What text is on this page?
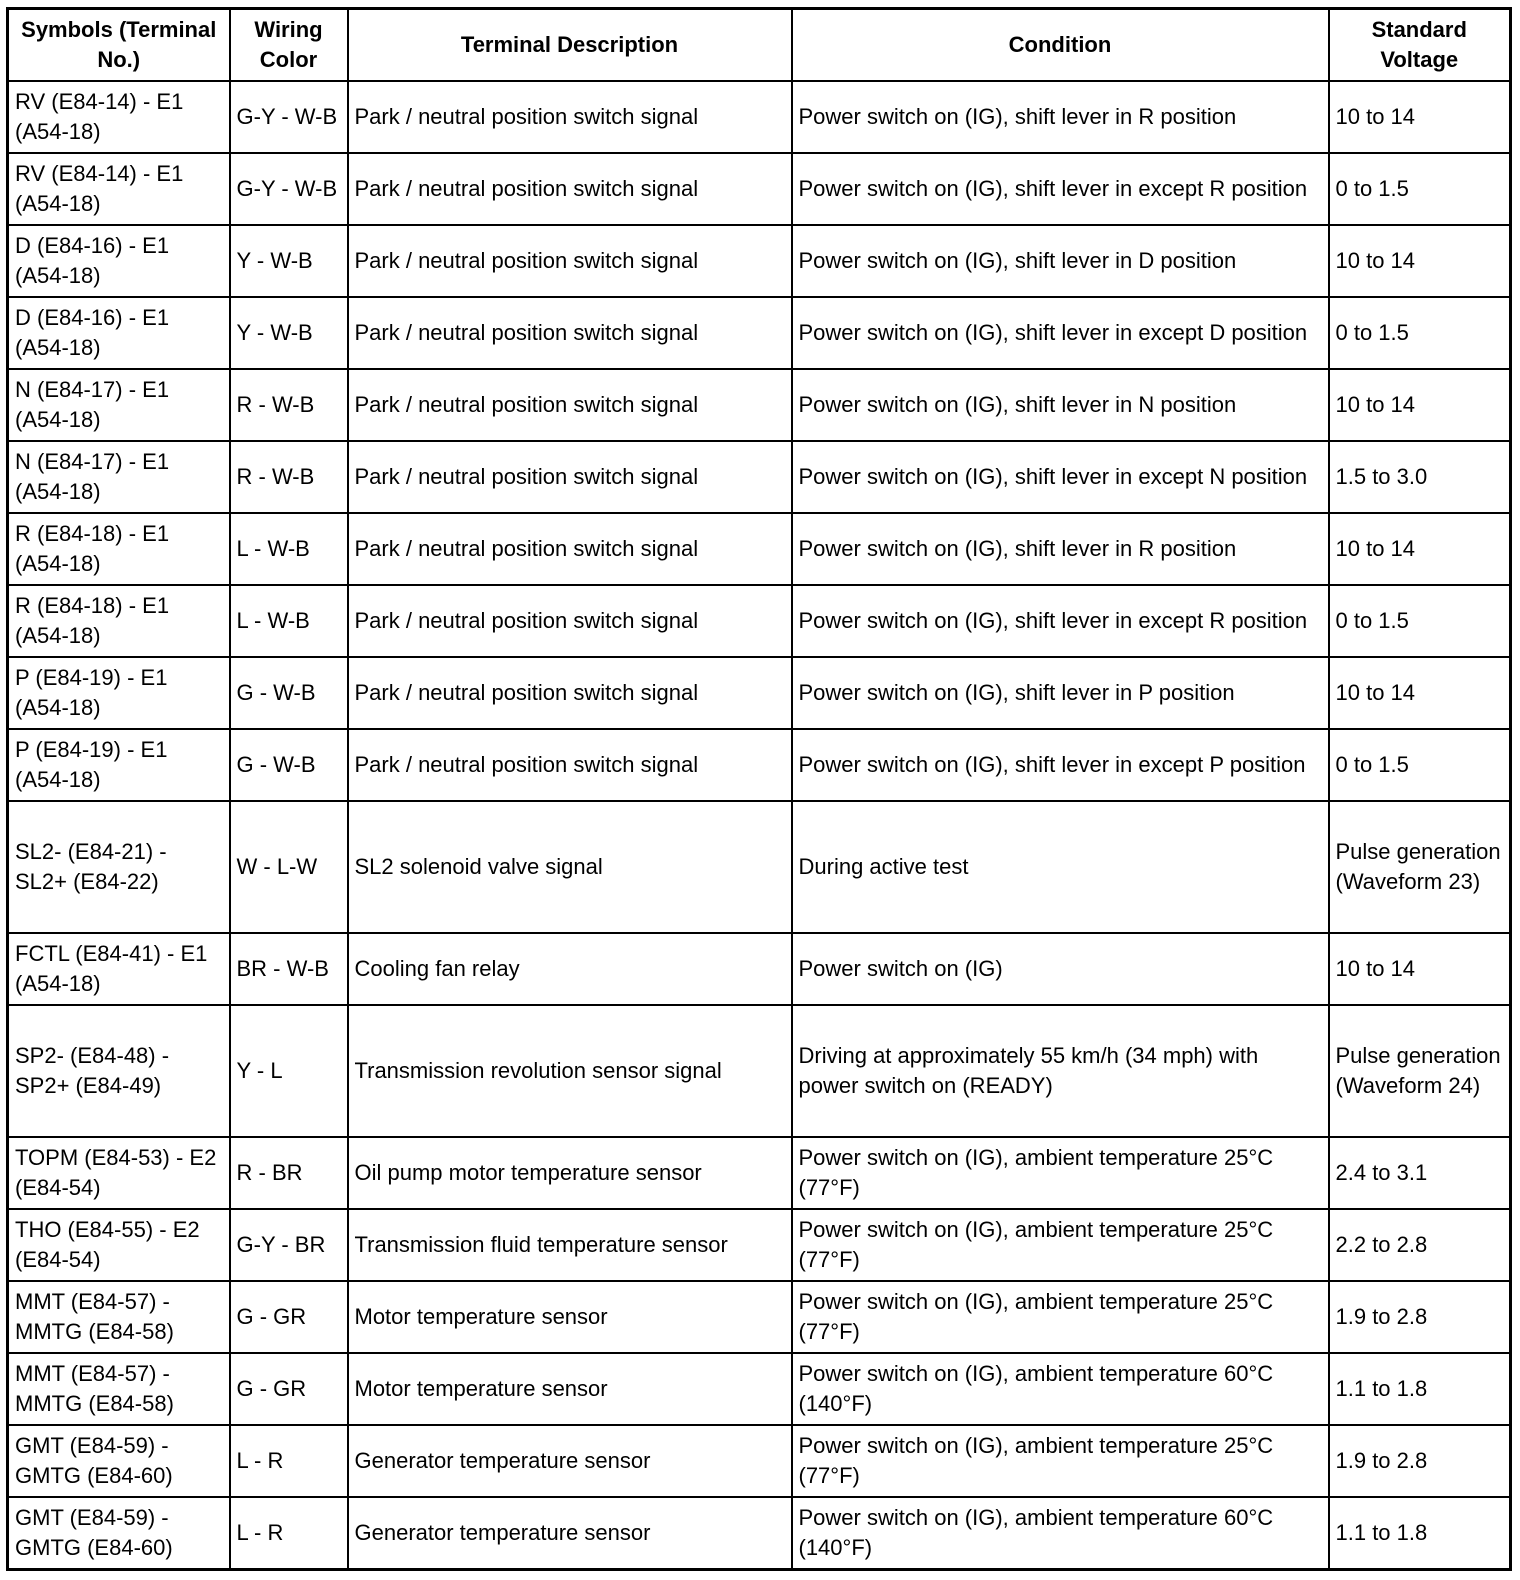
Symbols (Terminal No.)	Wiring Color	Terminal Description	Condition	Standard Voltage
RV (E84-14) - E1 (A54-18)	G-Y - W-B	Park / neutral position switch signal	Power switch on (IG), shift lever in R position	10 to 14
RV (E84-14) - E1 (A54-18)	G-Y - W-B	Park / neutral position switch signal	Power switch on (IG), shift lever in except R position	0 to 1.5
D (E84-16) - E1 (A54-18)	Y - W-B	Park / neutral position switch signal	Power switch on (IG), shift lever in D position	10 to 14
D (E84-16) - E1 (A54-18)	Y - W-B	Park / neutral position switch signal	Power switch on (IG), shift lever in except D position	0 to 1.5
N (E84-17) - E1 (A54-18)	R - W-B	Park / neutral position switch signal	Power switch on (IG), shift lever in N position	10 to 14
N (E84-17) - E1 (A54-18)	R - W-B	Park / neutral position switch signal	Power switch on (IG), shift lever in except N position	1.5 to 3.0
R (E84-18) - E1 (A54-18)	L - W-B	Park / neutral position switch signal	Power switch on (IG), shift lever in R position	10 to 14
R (E84-18) - E1 (A54-18)	L - W-B	Park / neutral position switch signal	Power switch on (IG), shift lever in except R position	0 to 1.5
P (E84-19) - E1 (A54-18)	G - W-B	Park / neutral position switch signal	Power switch on (IG), shift lever in P position	10 to 14
P (E84-19) - E1 (A54-18)	G - W-B	Park / neutral position switch signal	Power switch on (IG), shift lever in except P position	0 to 1.5
SL2- (E84-21) - SL2+ (E84-22)	W - L-W	SL2 solenoid valve signal	During active test	Pulse generation (Waveform 23)
FCTL (E84-41) - E1 (A54-18)	BR - W-B	Cooling fan relay	Power switch on (IG)	10 to 14
SP2- (E84-48) - SP2+ (E84-49)	Y - L	Transmission revolution sensor signal	Driving at approximately 55 km/h (34 mph) with power switch on (READY)	Pulse generation (Waveform 24)
TOPM (E84-53) - E2 (E84-54)	R - BR	Oil pump motor temperature sensor	Power switch on (IG), ambient temperature 25°C (77°F)	2.4 to 3.1
THO (E84-55) - E2 (E84-54)	G-Y - BR	Transmission fluid temperature sensor	Power switch on (IG), ambient temperature 25°C (77°F)	2.2 to 2.8
MMT (E84-57) - MMTG (E84-58)	G - GR	Motor temperature sensor	Power switch on (IG), ambient temperature 25°C (77°F)	1.9 to 2.8
MMT (E84-57) - MMTG (E84-58)	G - GR	Motor temperature sensor	Power switch on (IG), ambient temperature 60°C (140°F)	1.1 to 1.8
GMT (E84-59) - GMTG (E84-60)	L - R	Generator temperature sensor	Power switch on (IG), ambient temperature 25°C (77°F)	1.9 to 2.8
GMT (E84-59) - GMTG (E84-60)	L - R	Generator temperature sensor	Power switch on (IG), ambient temperature 60°C (140°F)	1.1 to 1.8
